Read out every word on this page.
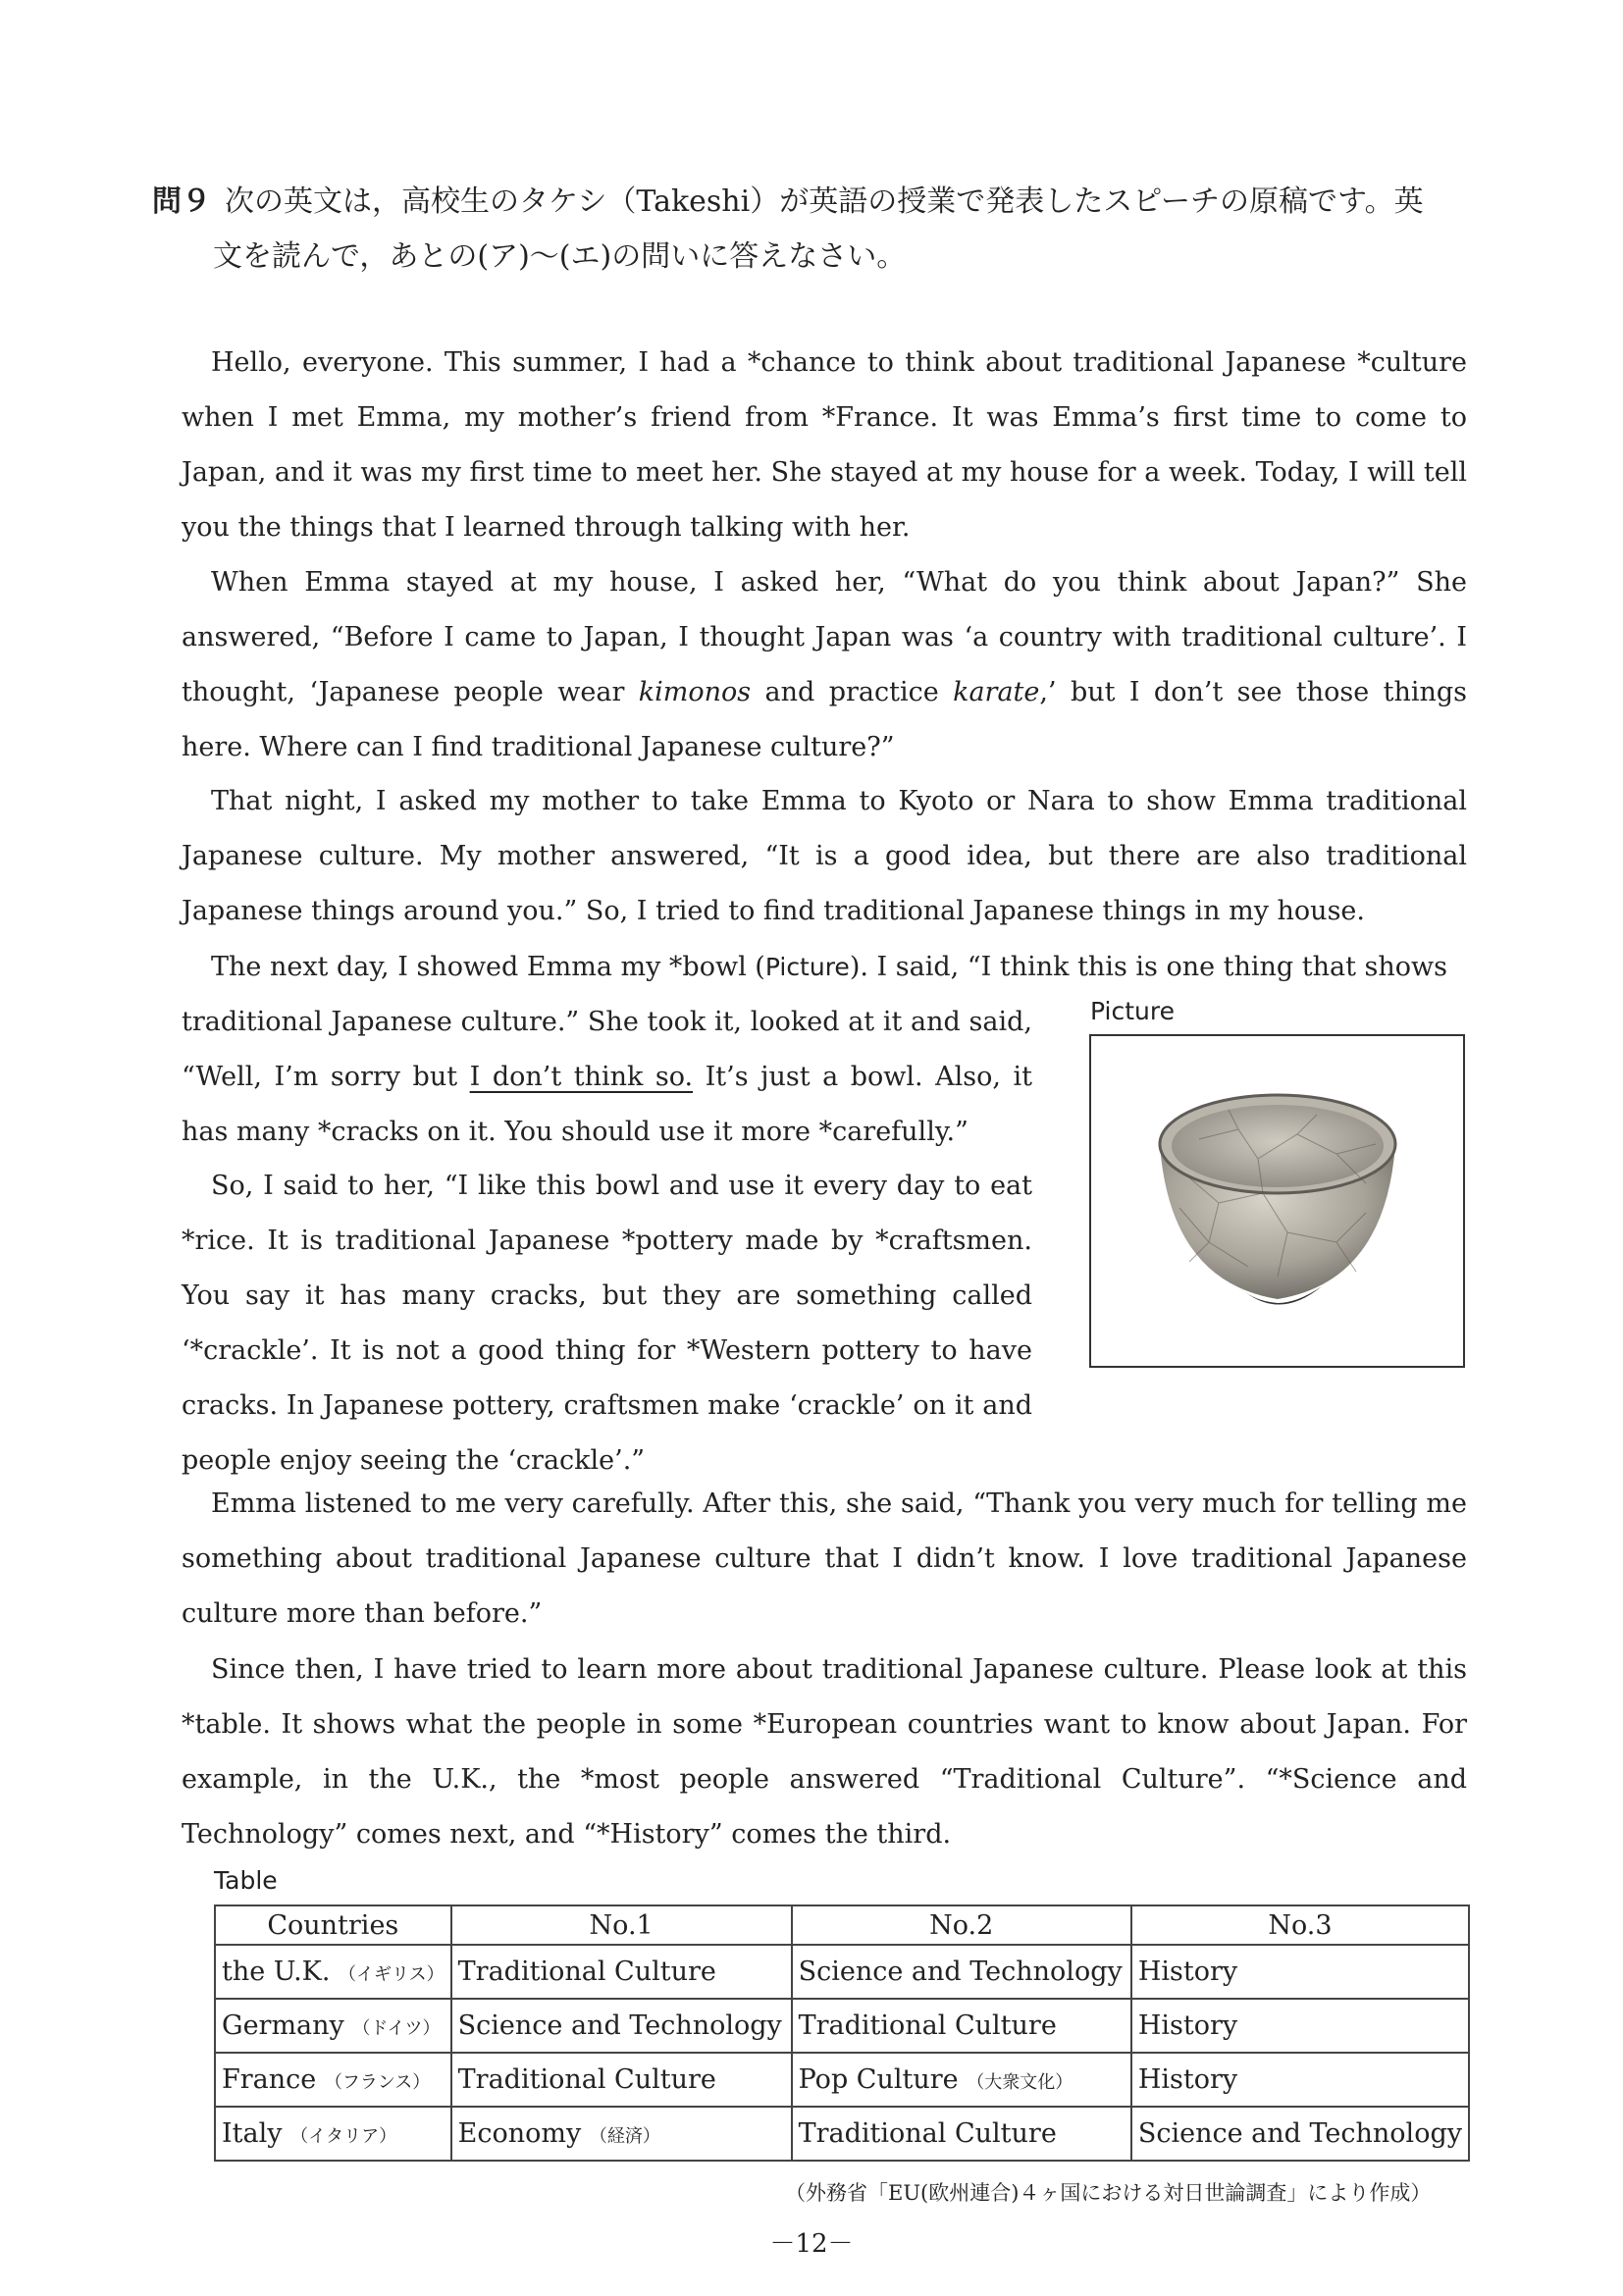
問９ 次の英文は，高校生のタケシ（Takeshi）が英語の授業で発表したスピーチの原稿です。英
文を読んで，あとの(ア)～(エ)の問いに答えなさい。

Hello, everyone. This summer, I had a *chance to think about traditional Japanese *culture when I met Emma, my mother’s friend from *France. It was Emma’s first time to come to Japan, and it was my first time to meet her. She stayed at my house for a week. Today, I will tell you the things that I learned through talking with her.

When Emma stayed at my house, I asked her, “What do you think about Japan?” She answered, “Before I came to Japan, I thought Japan was ‘a country with traditional culture’. I thought, ‘Japanese people wear kimonos and practice karate,’ but I don’t see those things here. Where can I find traditional Japanese culture?”

That night, I asked my mother to take Emma to Kyoto or Nara to show Emma traditional Japanese culture. My mother answered, “It is a good idea, but there are also traditional Japanese things around you.” So, I tried to find traditional Japanese things in my house.

The next day, I showed Emma my *bowl (Picture). I said, “I think this is one thing that shows

traditional Japanese culture.” She took it, looked at it and said, “Well, I’m sorry but I don’t think so. It’s just a bowl. Also, it has many *cracks on it. You should use it more *carefully.”

So, I said to her, “I like this bowl and use it every day to eat *rice. It is traditional Japanese *pottery made by *craftsmen. You say it has many cracks, but they are something called ‘*crackle’. It is not a good thing for *Western pottery to have cracks. In Japanese pottery, craftsmen make ‘crackle’ on it and people enjoy seeing the ‘crackle’.”

Emma listened to me very carefully. After this, she said, “Thank you very much for telling me something about traditional Japanese culture that I didn’t know. I love traditional Japanese culture more than before.”

Since then, I have tried to learn more about traditional Japanese culture. Please look at this *table. It shows what the people in some *European countries want to know about Japan. For example, in the U.K., the *most people answered “Traditional Culture”. “*Science and Technology” comes next, and “*History” comes the third.

Picture
Table
Countries	No.1	No.2	No.3
the U.K. （イギリス）	Traditional Culture	Science and Technology	History
Germany （ドイツ）	Science and Technology	Traditional Culture	History
France （フランス）	Traditional Culture	Pop Culture （大衆文化）	History
Italy （イタリア）	Economy （経済）	Traditional Culture	Science and Technology
（外務省「EU(欧州連合)４ヶ国における対日世論調査」により作成）
－12－
